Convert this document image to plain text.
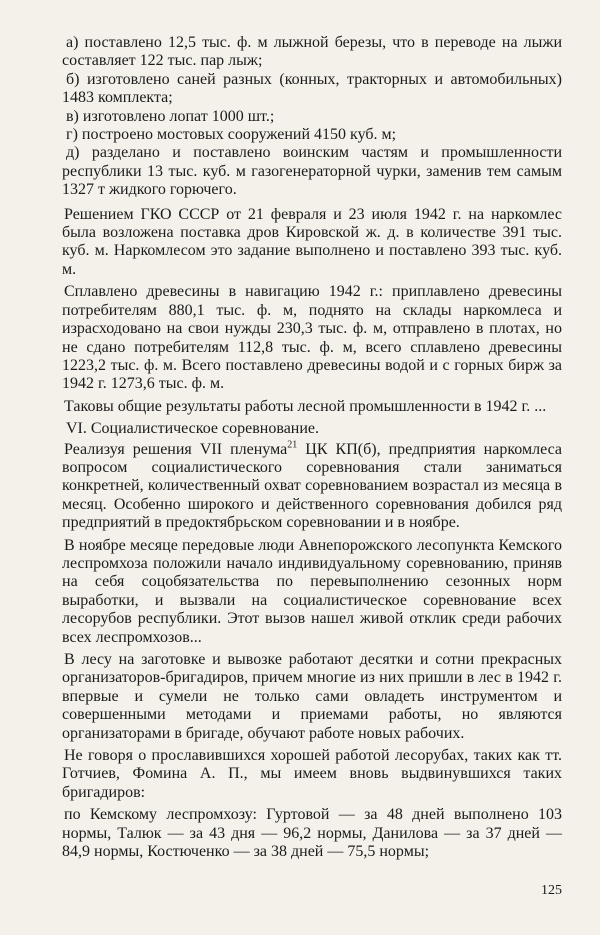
а) поставлено 12,5 тыс. ф. м лыжной березы, что в переводе на лыжи составляет 122 тыс. пар лыж;

б) изготовлено саней разных (конных, тракторных и автомобильных) 1483 комплекта;

в) изготовлено лопат 1000 шт.;

г) построено мостовых сооружений 4150 куб. м;

д) разделано и поставлено воинским частям и промышленности республики 13 тыс. куб. м газогенераторной чурки, заменив тем самым 1327 т жидкого горючего.

Решением ГКО СССР от 21 февраля и 23 июля 1942 г. на наркомлес была возложена поставка дров Кировской ж. д. в количестве 391 тыс. куб. м. Наркомлесом это задание выполнено и поставлено 393 тыс. куб. м.

Сплавлено древесины в навигацию 1942 г.: приплавлено древесины потребителям 880,1 тыс. ф. м, поднято на склады наркомлеса и израсходовано на свои нужды 230,3 тыс. ф. м, отправлено в плотах, но не сдано потребителям 112,8 тыс. ф. м, всего сплавлено древесины 1223,2 тыс. ф. м. Всего поставлено древесины водой и с горных бирж за 1942 г. 1273,6 тыс. ф. м.

Таковы общие результаты работы лесной промышленности в 1942 г. ...

VI. Социалистическое соревнование.

Реализуя решения VII пленума$^{21}$ ЦК КП(б), предприятия наркомлеса вопросом социалистического соревнования стали заниматься конкретней, количественный охват соревнованием возрастал из месяца в месяц. Особенно широкого и действенного соревнования добился ряд предприятий в предоктябрьском соревновании и в ноябре.

В ноябре месяце передовые люди Авнепорожского лесопункта Кемского леспромхоза положили начало индивидуальному соревнованию, приняв на себя соцобязательства по перевыполнению сезонных норм выработки, и вызвали на социалистическое соревнование всех лесорубов республики. Этот вызов нашел живой отклик среди рабочих всех леспромхозов...

В лесу на заготовке и вывозке работают десятки и сотни прекрасных организаторов-бригадиров, причем многие из них пришли в лес в 1942 г. впервые и сумели не только сами овладеть инструментом и совершенными методами и приемами работы, но являются организаторами в бригаде, обучают работе новых рабочих.

Не говоря о прославившихся хорошей работой лесорубах, таких как тт. Готчиев, Фомина А. П., мы имеем вновь выдвинувшихся таких бригадиров:

по Кемскому леспромхозу: Гуртовой — за 48 дней выполнено 103 нормы, Талюк — за 43 дня — 96,2 нормы, Данилова — за 37 дней — 84,9 нормы, Костюченко — за 38 дней — 75,5 нормы;

125
